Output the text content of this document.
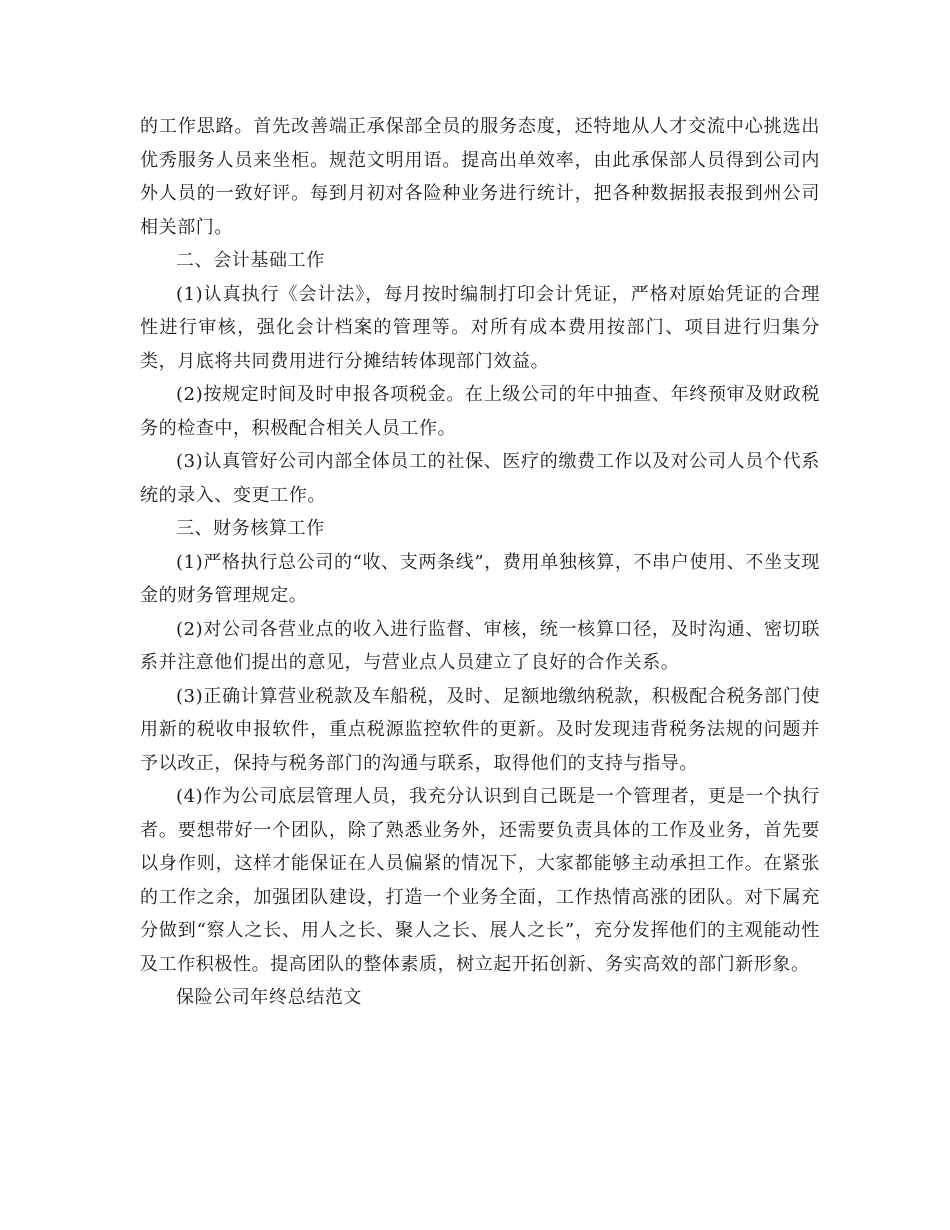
的工作思路。首先改善端正承保部全员的服务态度，还特地从人才交流中心挑选出优秀服务人员来坐柜。规范文明用语。提高出单效率，由此承保部人员得到公司内外人员的一致好评。每到月初对各险种业务进行统计，把各种数据报表报到州公司相关部门。

二、会计基础工作

(1)认真执行《会计法》，每月按时编制打印会计凭证，严格对原始凭证的合理性进行审核，强化会计档案的管理等。对所有成本费用按部门、项目进行归集分类，月底将共同费用进行分摊结转体现部门效益。

(2)按规定时间及时申报各项税金。在上级公司的年中抽查、年终预审及财政税务的检查中，积极配合相关人员工作。

(3)认真管好公司内部全体员工的社保、医疗的缴费工作以及对公司人员个代系统的录入、变更工作。

三、财务核算工作

(1)严格执行总公司的“收、支两条线”，费用单独核算，不串户使用、不坐支现金的财务管理规定。

(2)对公司各营业点的收入进行监督、审核，统一核算口径，及时沟通、密切联系并注意他们提出的意见，与营业点人员建立了良好的合作关系。

(3)正确计算营业税款及车船税，及时、足额地缴纳税款，积极配合税务部门使用新的税收申报软件，重点税源监控软件的更新。及时发现违背税务法规的问题并予以改正，保持与税务部门的沟通与联系，取得他们的支持与指导。

(4)作为公司底层管理人员，我充分认识到自己既是一个管理者，更是一个执行者。要想带好一个团队，除了熟悉业务外，还需要负责具体的工作及业务，首先要以身作则，这样才能保证在人员偏紧的情况下，大家都能够主动承担工作。在紧张的工作之余，加强团队建设，打造一个业务全面，工作热情高涨的团队。对下属充分做到“察人之长、用人之长、聚人之长、展人之长”，充分发挥他们的主观能动性及工作积极性。提高团队的整体素质，树立起开拓创新、务实高效的部门新形象。

保险公司年终总结范文
